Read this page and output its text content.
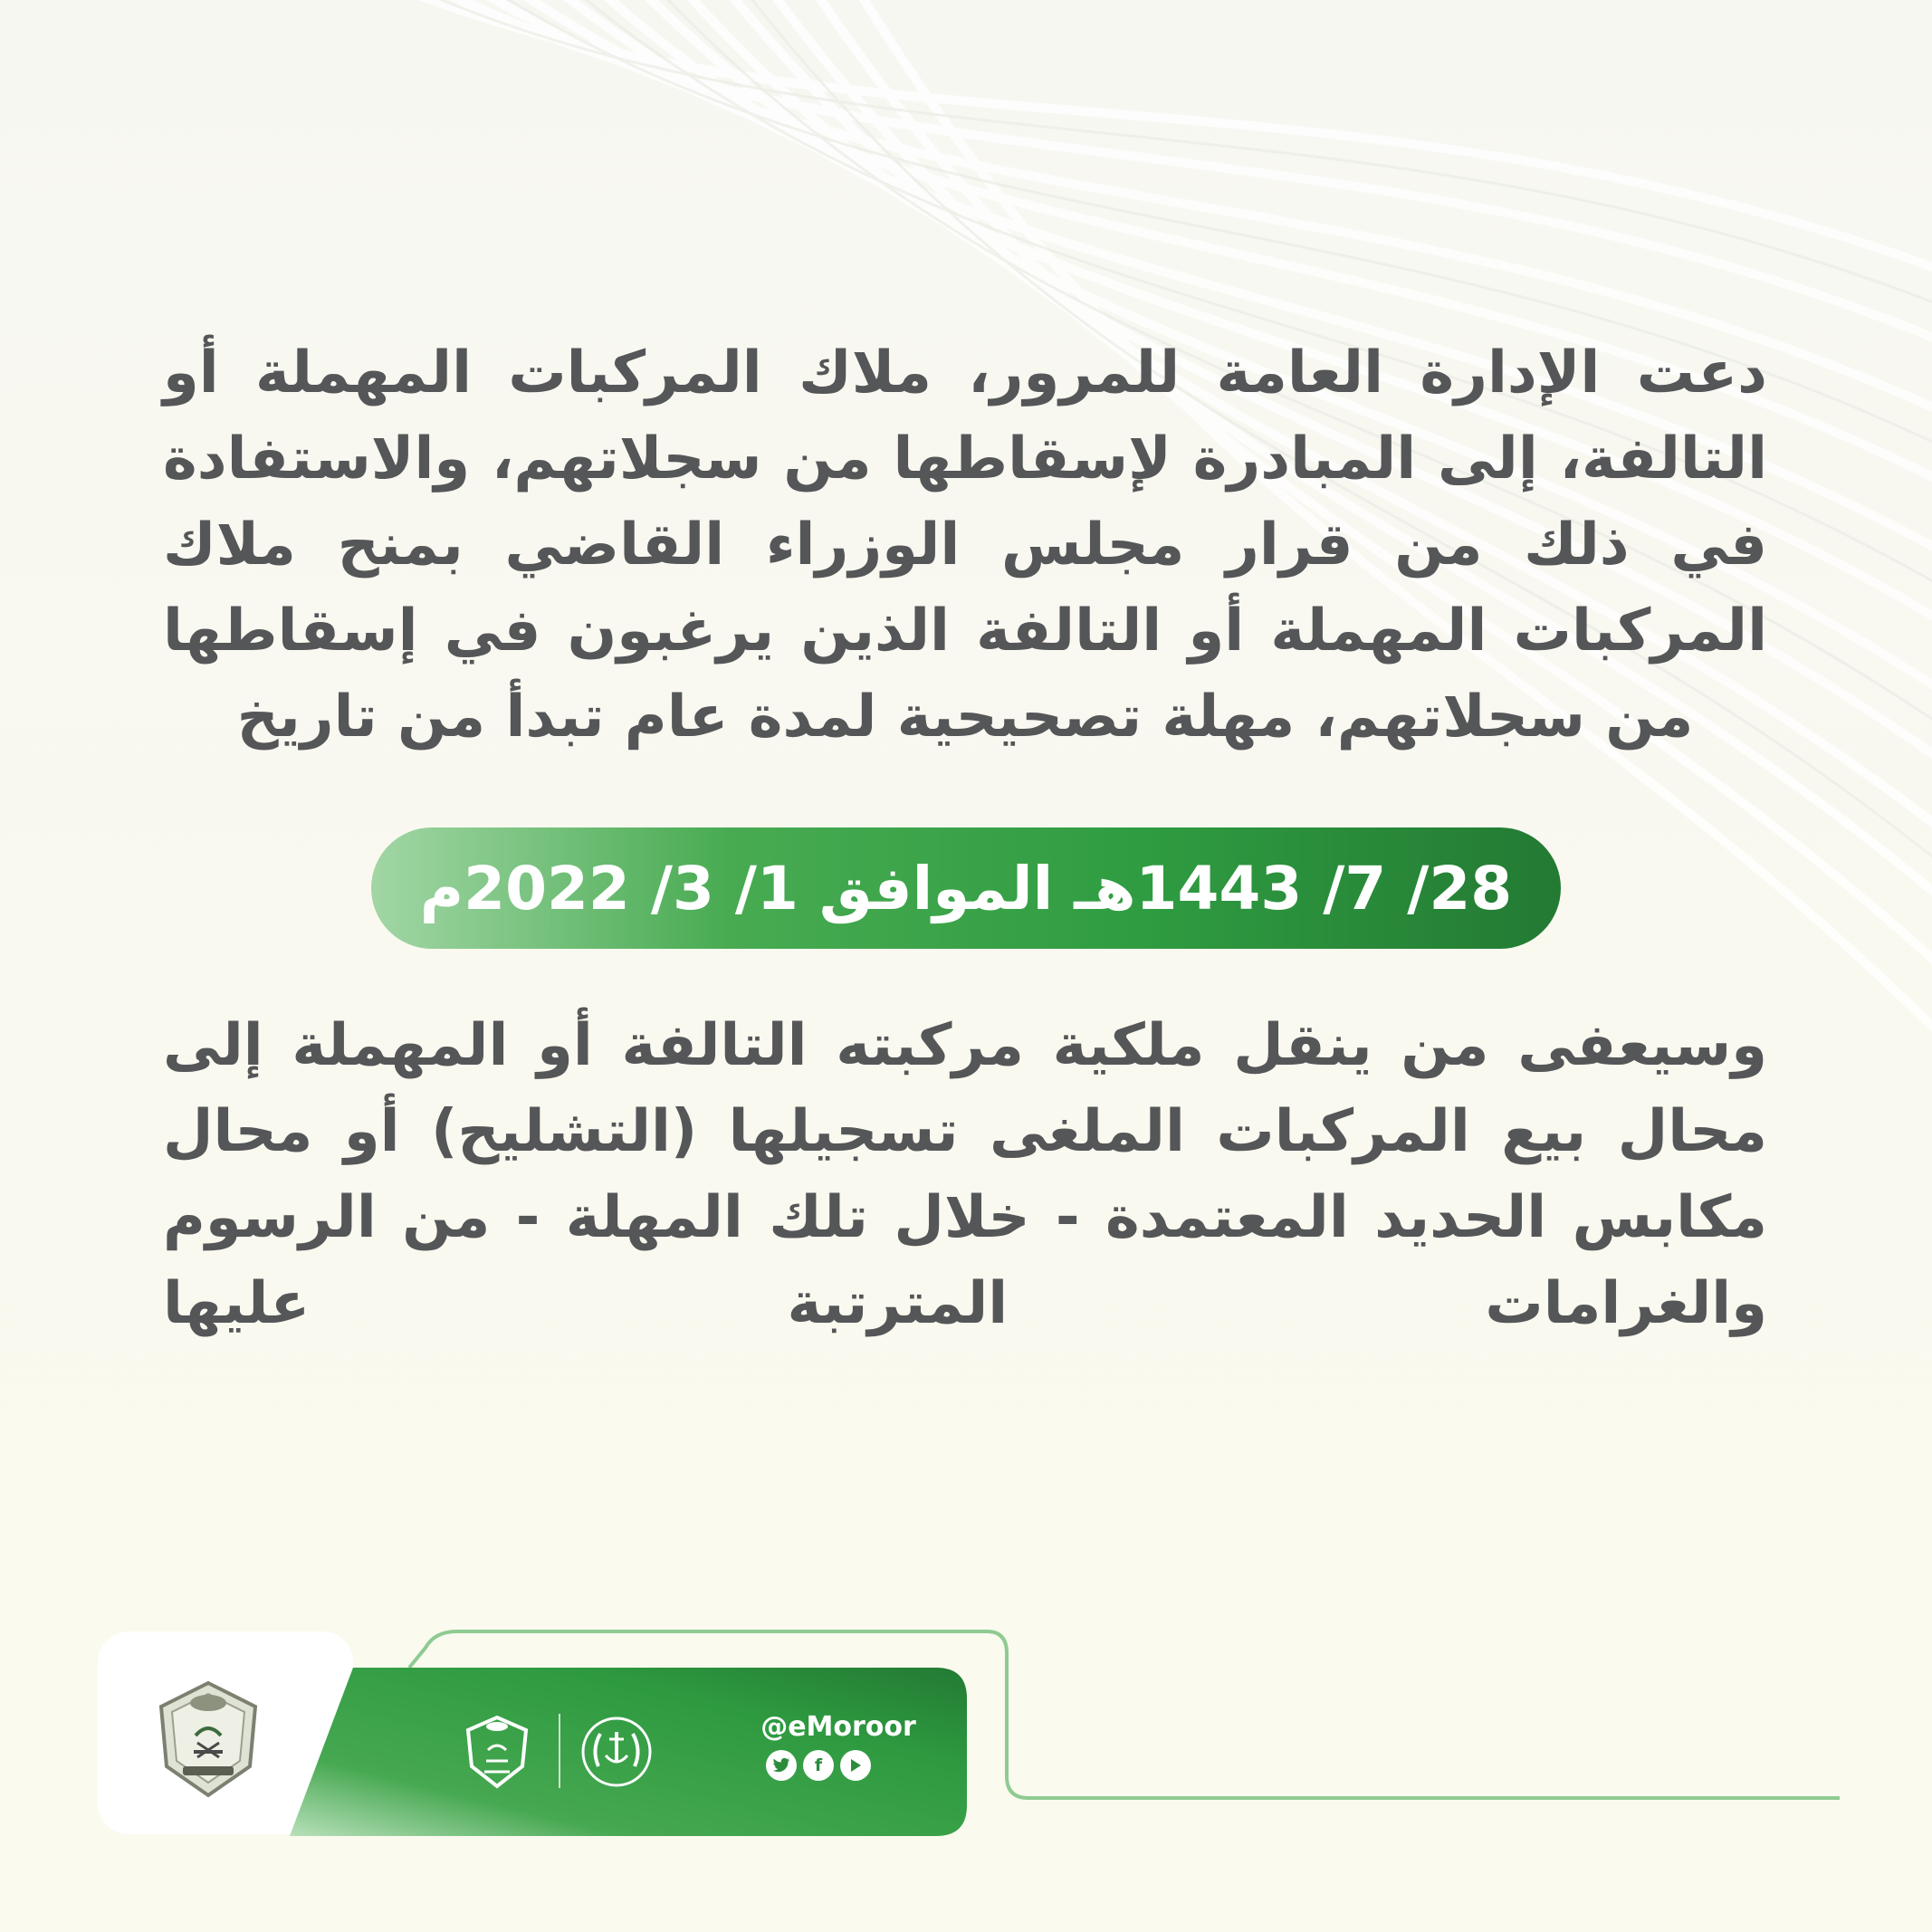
دعت الإدارة العامة للمرور، ملاك المركبات المهملة أو التالفة، إلى المبادرة لإسقاطها من سجلاتهم، والاستفادة في ذلك من قرار مجلس الوزراء القاضي بمنح ملاك المركبات المهملة أو التالفة الذين يرغبون في إسقاطها من سجلاتهم، مهلة تصحيحية لمدة عام تبدأ من تاريخ
28/ 7/ 1443هـ الموافق 1/ 3/ 2022م
وسيعفى من ينقل ملكية مركبته التالفة أو المهملة إلى محال بيع المركبات الملغى تسجيلها (التشليح) أو محال مكابس الحديد المعتمدة - خلال تلك المهلة - من الرسوم والغرامات المترتبة عليها
@eMoroor
f
